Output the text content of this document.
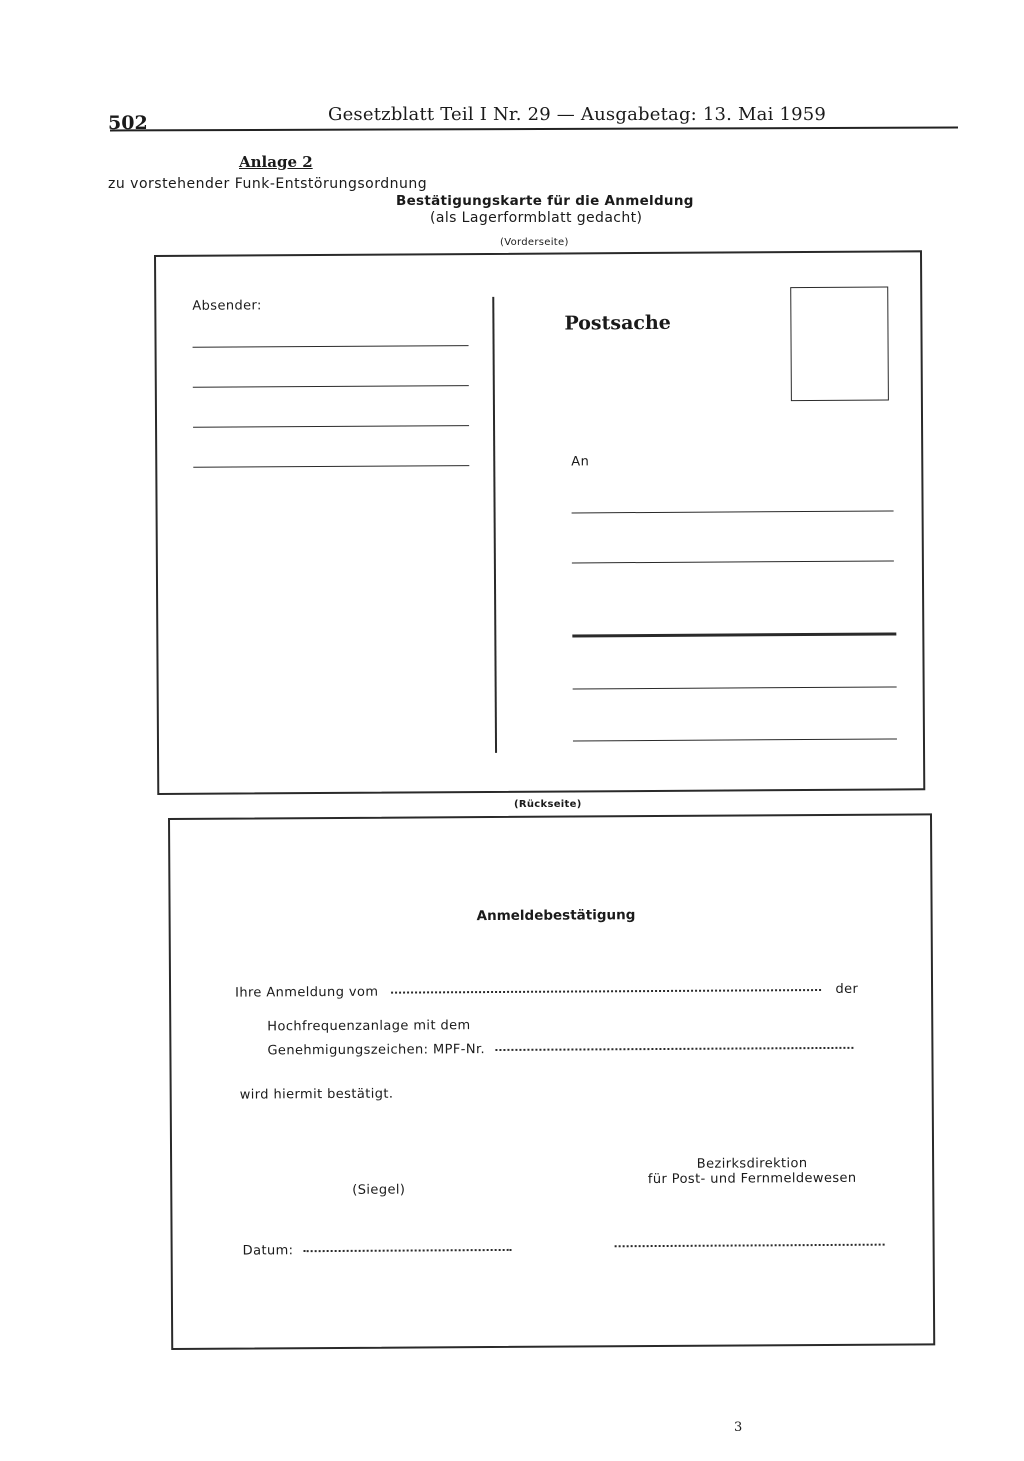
502	Gesetzblatt Teil I Nr. 29 — Ausgabetag: 13. Mai 1959
Anlage 2
zu vorstehender Funk-Entstörungsordnung
Bestätigungskarte für die Anmeldung
(als Lagerformblatt gedacht)
(Vorderseite)
Absender:
Postsache
An
(Rückseite)
Anmeldebestätigung
Ihre Anmeldung vom	der
Hochfrequenzanlage mit dem
Genehmigungszeichen: MPF-Nr.
wird hiermit bestätigt.
(Siegel)
Bezirksdirektion
für Post- und Fernmeldewesen
Datum:
3
